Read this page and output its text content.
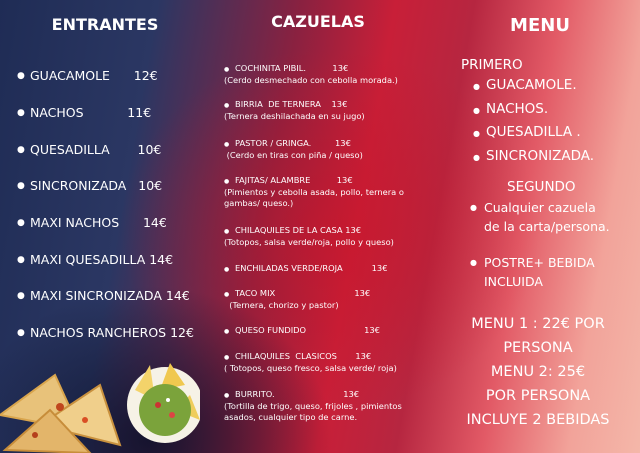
ENTRANTES
● GUACAMOLE      12€
● NACHOS           11€
● QUESADILLA       10€
● SINCRONIZADA   10€
● MAXI NACHOS      14€
● MAXI QUESADILLA 14€
● MAXI SINCRONIZADA 14€
● NACHOS RANCHEROS 12€
CAZUELAS
● COCHINITA PIBIL.          13€
(Cerdo desmechado con cebolla morada.)
● BIRRIA  DE TERNERA    13€
(Ternera deshilachada en su jugo)
● PASTOR / GRINGA.         13€
(Cerdo en tiras con piña / queso)
● FAJITAS/ ALAMBRE          13€
(Pimientos y cebolla asada, pollo, ternera o gambas/ queso.)
● CHILAQUILES DE LA CASA 13€
(Totopos, salsa verde/roja, pollo y queso)
● ENCHILADAS VERDE/ROJA           13€
● TACO MIX                              13€
(Ternera, chorizo y pastor)
● QUESO FUNDIDO                      13€
● CHILAQUILES  CLASICOS       13€
( Totopos, queso fresco, salsa verde/ roja)
● BURRITO.                          13€
(Tortilla de trigo, queso, frijoles , pimientos asados, cualquier tipo de carne.
MENU
PRIMERO
● GUACAMOLE.
● NACHOS.
● QUESADILLA .
● SINCRONIZADA.
SEGUNDO
● Cualquier cazuela de la carta/persona.
● POSTRE+ BEBIDA INCLUIDA
MENU 1 : 22€ POR
PERSONA
MENU 2: 25€
POR PERSONA
INCLUYE 2 BEBIDAS
